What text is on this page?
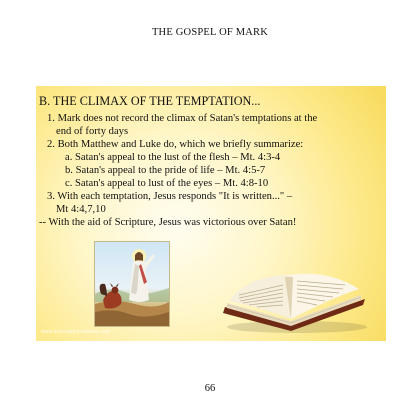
THE GOSPEL OF MARK
B. THE CLIMAX OF THE TEMPTATION...
1. Mark does not record the climax of Satan's temptations at the
end of forty days
2. Both Matthew and Luke do, which we briefly summarize:
a. Satan's appeal to the lust of the flesh – Mt. 4:3-4
b. Satan's appeal to the pride of life – Mt. 4:5-7
c. Satan's appeal to lust of the eyes – Mt. 4:8-10
3. With each temptation, Jesus responds "It is written..." –
Mt 4:4,7,10
-- With the aid of Scripture, Jesus was victorious over Satan!
www.executableoutlines.com
66
